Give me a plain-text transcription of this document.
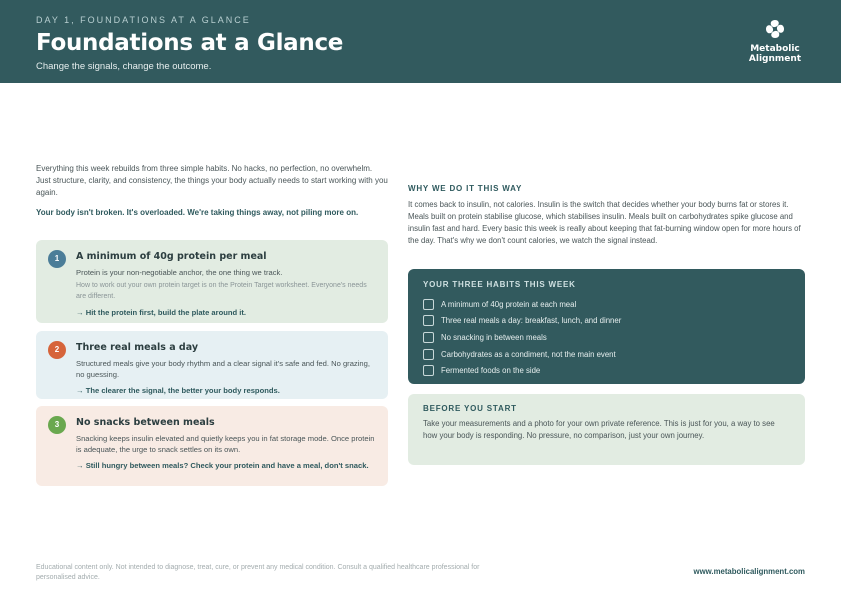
DAY 1, FOUNDATIONS AT A GLANCE
Foundations at a Glance
Change the signals, change the outcome.
Metabolic
Alignment
Everything this week rebuilds from three simple habits. No hacks, no perfection, no overwhelm. Just structure, clarity, and consistency, the things your body actually needs to start working with you again.
Your body isn't broken. It's overloaded. We're taking things away, not piling more on.
1	A minimum of 40g protein per meal
Protein is your non-negotiable anchor, the one thing we track.
How to work out your own protein target is on the Protein Target worksheet. Everyone's needs are different.
→ Hit the protein first, build the plate around it.
2	Three real meals a day
Structured meals give your body rhythm and a clear signal it's safe and fed. No grazing, no guessing.
→ The clearer the signal, the better your body responds.
3	No snacks between meals
Snacking keeps insulin elevated and quietly keeps you in fat storage mode. Once protein is adequate, the urge to snack settles on its own.
→ Still hungry between meals? Check your protein and have a meal, don't snack.
WHY WE DO IT THIS WAY
It comes back to insulin, not calories. Insulin is the switch that decides whether your body burns fat or stores it. Meals built on protein stabilise glucose, which stabilises insulin. Meals built on carbohydrates spike glucose and insulin fast and hard. Every basic this week is really about keeping that fat-burning window open for more hours of the day. That's why we don't count calories, we watch the signal instead.
YOUR THREE HABITS THIS WEEK
A minimum of 40g protein at each meal
Three real meals a day: breakfast, lunch, and dinner
No snacking in between meals
Carbohydrates as a condiment, not the main event
Fermented foods on the side
BEFORE YOU START
Take your measurements and a photo for your own private reference. This is just for you, a way to see how your body is responding. No pressure, no comparison, just your own journey.
Educational content only. Not intended to diagnose, treat, cure, or prevent any medical condition. Consult a qualified healthcare professional for personalised advice.
www.metabolicalignment.com
